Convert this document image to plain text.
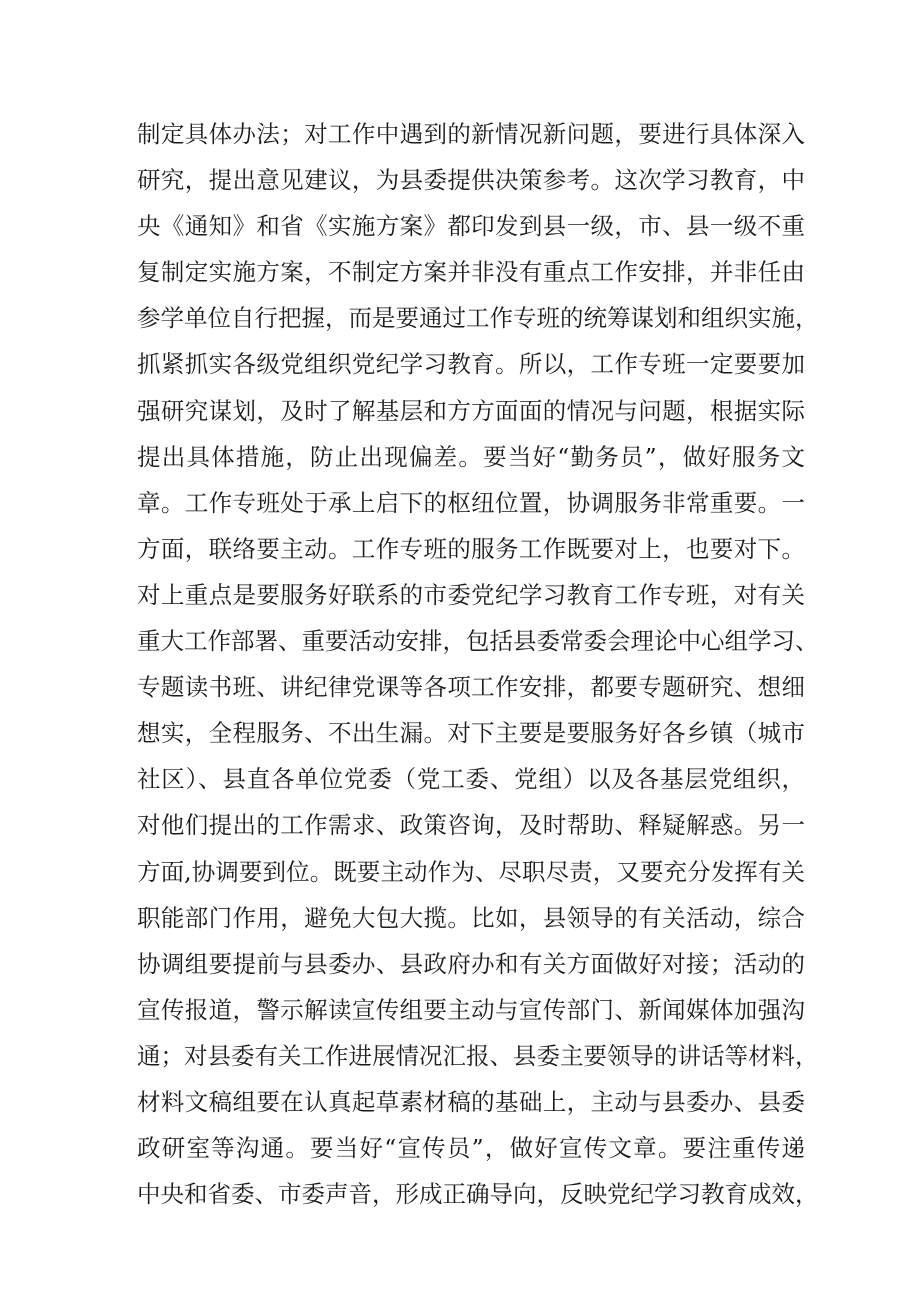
制定具体办法；对工作中遇到的新情况新问题，要进行具体深入
研究，提出意见建议，为县委提供决策参考。这次学习教育，中
央《通知》和省《实施方案》都印发到县一级，市、县一级不重
复制定实施方案，不制定方案并非没有重点工作安排，并非任由
参学单位自行把握，而是要通过工作专班的统筹谋划和组织实施，
抓紧抓实各级党组织党纪学习教育。所以，工作专班一定要要加
强研究谋划，及时了解基层和方方面面的情况与问题，根据实际
提出具体措施，防止出现偏差。要当好“勤务员”，做好服务文
章。工作专班处于承上启下的枢纽位置，协调服务非常重要。一
方面，联络要主动。工作专班的服务工作既要对上，也要对下。
对上重点是要服务好联系的市委党纪学习教育工作专班，对有关
重大工作部署、重要活动安排，包括县委常委会理论中心组学习、
专题读书班、讲纪律党课等各项工作安排，都要专题研究、想细
想实，全程服务、不出生漏。对下主要是要服务好各乡镇（城市
社区）、县直各单位党委（党工委、党组）以及各基层党组织，
对他们提出的工作需求、政策咨询，及时帮助、释疑解惑。另一
方面,协调要到位。既要主动作为、尽职尽责，又要充分发挥有关
职能部门作用，避免大包大揽。比如，县领导的有关活动，综合
协调组要提前与县委办、县政府办和有关方面做好对接；活动的
宣传报道，警示解读宣传组要主动与宣传部门、新闻媒体加强沟
通；对县委有关工作进展情况汇报、县委主要领导的讲话等材料，
材料文稿组要在认真起草素材稿的基础上，主动与县委办、县委
政研室等沟通。要当好“宣传员”，做好宣传文章。要注重传递
中央和省委、市委声音，形成正确导向，反映党纪学习教育成效，
